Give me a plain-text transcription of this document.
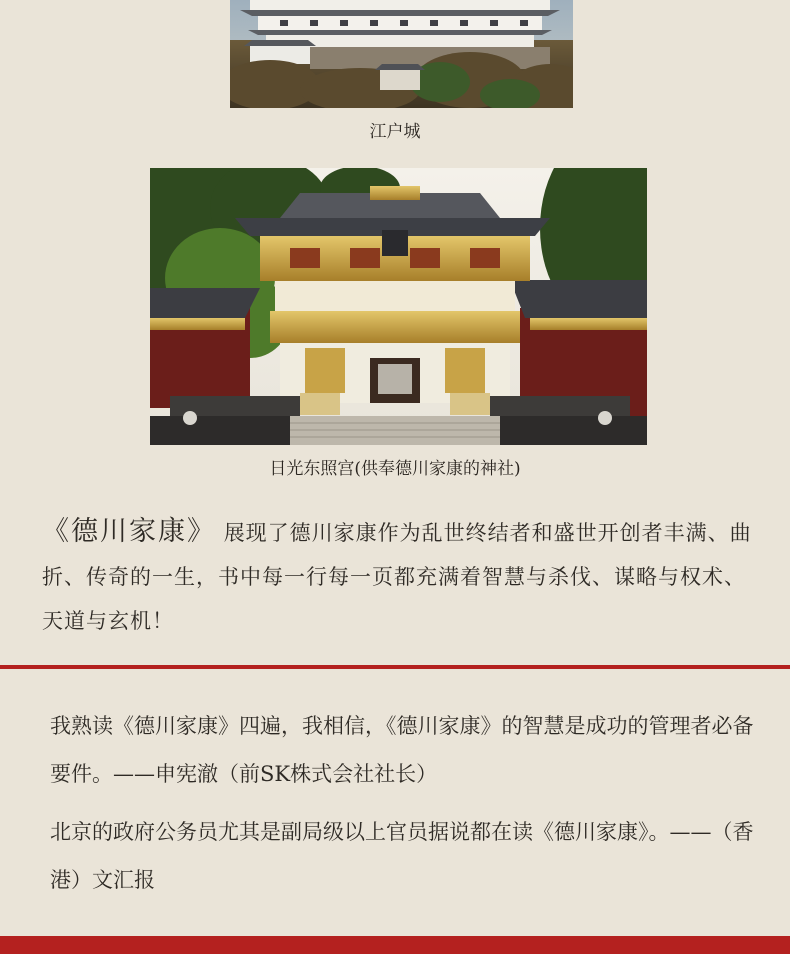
江户城
日光东照宫(供奉德川家康的神社)
《德川家康》 展现了德川家康作为乱世终结者和盛世开创者丰满、曲折、传奇的一生，书中每一行每一页都充满着智慧与杀伐、谋略与权术、天道与玄机！

我熟读《德川家康》四遍，我相信，《德川家康》的智慧是成功的管理者必备要件。——申宪澈（前SK株式会社社长）

北京的政府公务员尤其是副局级以上官员据说都在读《德川家康》。——（香港）文汇报
